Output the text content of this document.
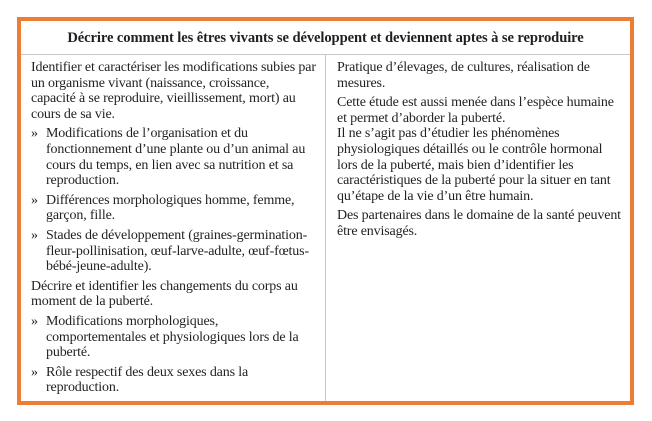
Décrire comment les êtres vivants se développent et deviennent aptes à se reproduire

Identifier et caractériser les modifications subies par un organisme vivant (naissance, croissance, capacité à se reproduire, vieillissement, mort) au cours de sa vie.

» Modifications de l’organisation et du fonctionnement d’une plante ou d’un animal au cours du temps, en lien avec sa nutrition et sa reproduction.
» Différences morphologiques homme, femme, garçon, fille.
» Stades de développement (graines-germination-fleur-pollinisation, œuf-larve-adulte, œuf-fœtus-bébé-jeune-adulte).

Décrire et identifier les changements du corps au moment de la puberté.

» Modifications morphologiques, comportementales et physiologiques lors de la puberté.
» Rôle respectif des deux sexes dans la reproduction.

Pratique d’élevages, de cultures, réalisation de mesures.

Cette étude est aussi menée dans l’espèce humaine et permet d’aborder la puberté.

Il ne s’agit pas d’étudier les phénomènes physiologiques détaillés ou le contrôle hormonal lors de la puberté, mais bien d’identifier les caractéristiques de la puberté pour la situer en tant qu’étape de la vie d’un être humain.

Des partenaires dans le domaine de la santé peuvent être envisagés.
